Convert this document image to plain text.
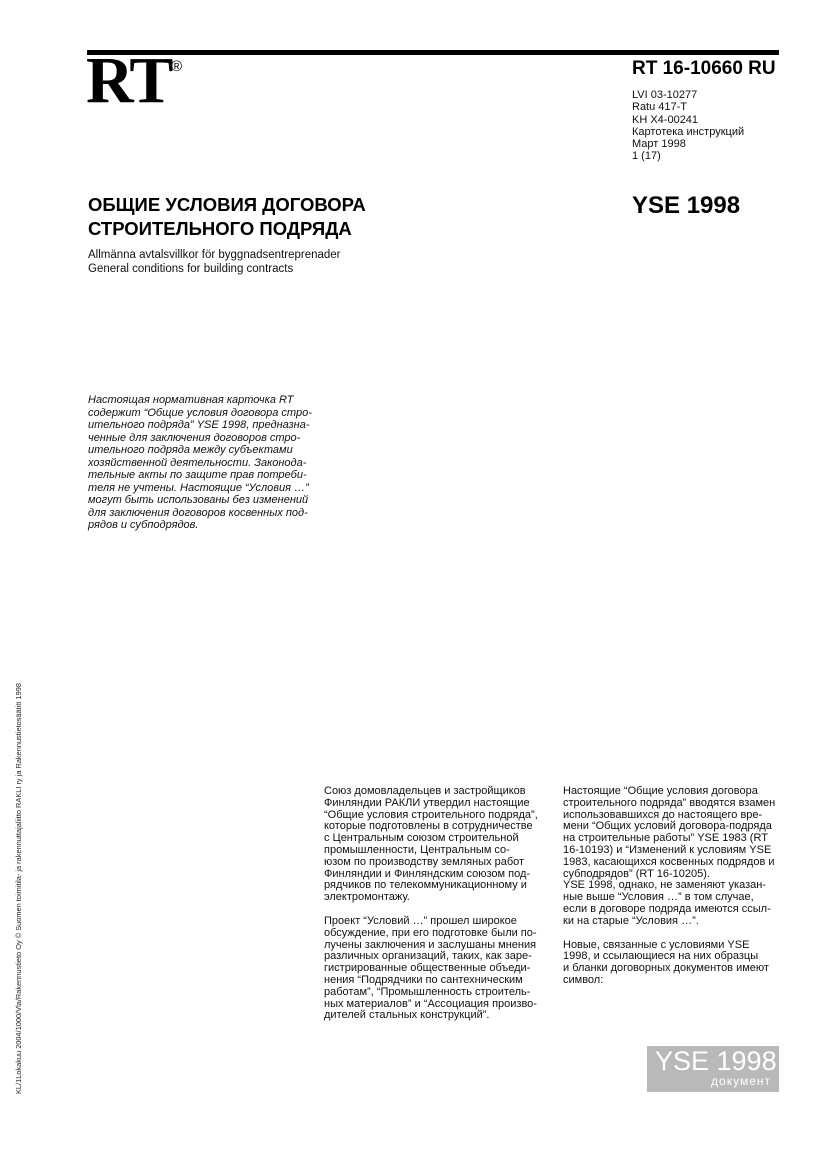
RT ®	RT 16-10660 RU
LVI 03-10277
Ratu 417-T
KH X4-00241
Картотека инструкций
Март 1998
1 (17)
ОБЩИЕ УСЛОВИЯ ДОГОВОРА
СТРОИТЕЛЬНОГО ПОДРЯДА
Allmänna avtalsvillkor för byggnadsentreprenader
General conditions for building contracts
YSE 1998
Настоящая нормативная карточка RT
содержит “Общие условия договора стро-
ительного подряда” YSE 1998, предназна-
ченные для заключения договоров стро-
ительного подряда между субъектами
хозяйственной деятельности. Законода-
тельные акты по защите прав потреби-
теля не учтены. Настоящие “Условия …”
могут быть использованы без изменений
для заключения договоров косвенных под-
рядов и субподрядов.
Союз домовладельцев и застройщиков
Финляндии РАКЛИ утвердил настоящие
“Общие условия строительного подряда”,
которые подготовлены в сотрудничестве
с Центральным союзом строительной
промышленности, Центральным со-
юзом по производству земляных работ
Финляндии и Финляндским союзом под-
рядчиков по телекоммуникационному и
электромонтажу.
Проект “Условий …” прошел широкое
обсуждение, при его подготовке были по-
лучены заключения и заслушаны мнения
различных организаций, таких, как заре-
гистрированные общественные объеди-
нения “Подрядчики по сантехническим
работам”, “Промышленность строитель-
ных материалов” и “Ассоциация произво-
дителей стальных конструкций”.
Настоящие “Общие условия договора
строительного подряда” вводятся взамен
использовавшихся до настоящего вре-
мени “Общих условий договора-подряда
на строительные работы” YSE 1983 (RT
16-10193) и “Изменений к условиям YSE
1983, касающихся косвенных подрядов и
субподрядов” (RT 16-10205).
YSE 1998, однако, не заменяют указан-
ные выше “Условия …” в том случае,
если в договоре подряда имеются ссыл-
ки на старые “Условия …”.
Новые, связанные с условиями YSE
1998, и ссылающиеся на них образцы
и бланки договорных документов имеют
символ:
YSE 1998
документ
KL/1Lokakuu 2004/1000/Vla/Rakennustieto Oy © Suomen toimitila- ja rakennuttajaliitto RAKLI ry ja Rakennustietosäätiö 1998
